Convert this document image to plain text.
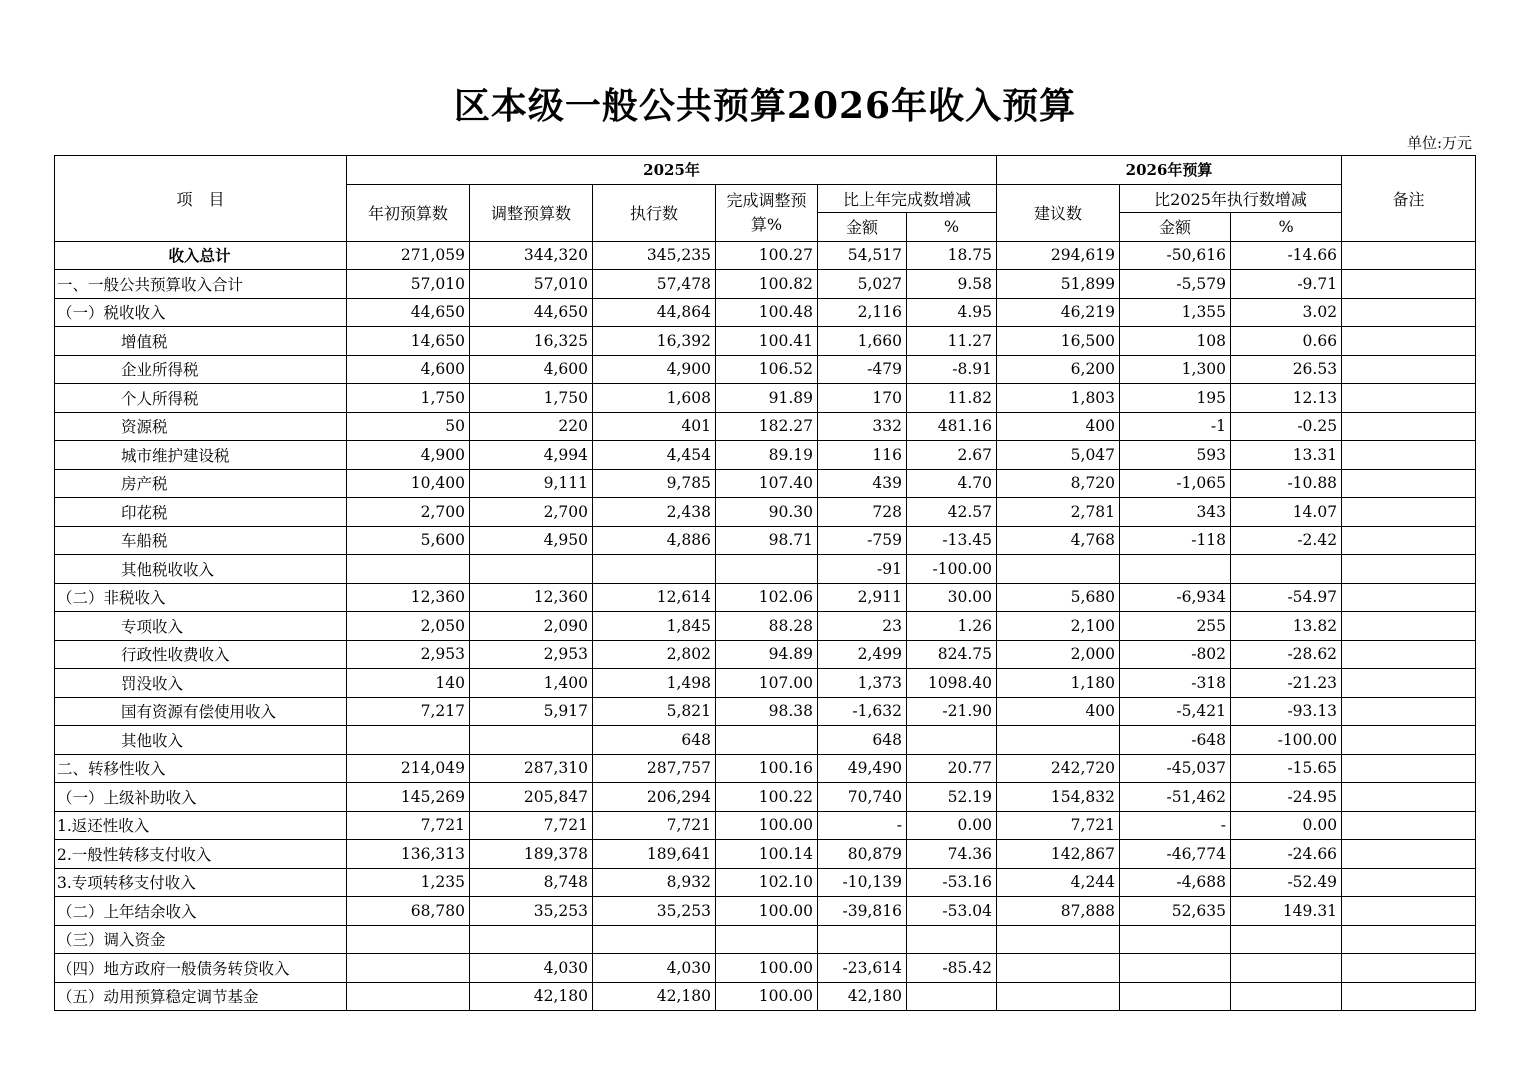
区本级一般公共预算2026年收入预算
单位:万元
项　目	2025年						2026年预算			备注
	年初预算数	调整预算数	执行数	完成调整预算%	比上年完成数增减		建议数	比2025年执行数增减		
					金额	%		金额	%	
收入总计	271,059	344,320	345,235	100.27	54,517	18.75	294,619	-50,616	-14.66	
一、一般公共预算收入合计	57,010	57,010	57,478	100.82	5,027	9.58	51,899	-5,579	-9.71	
（一）税收收入	44,650	44,650	44,864	100.48	2,116	4.95	46,219	1,355	3.02	
增值税	14,650	16,325	16,392	100.41	1,660	11.27	16,500	108	0.66	
企业所得税	4,600	4,600	4,900	106.52	-479	-8.91	6,200	1,300	26.53	
个人所得税	1,750	1,750	1,608	91.89	170	11.82	1,803	195	12.13	
资源税	50	220	401	182.27	332	481.16	400	-1	-0.25	
城市维护建设税	4,900	4,994	4,454	89.19	116	2.67	5,047	593	13.31	
房产税	10,400	9,111	9,785	107.40	439	4.70	8,720	-1,065	-10.88	
印花税	2,700	2,700	2,438	90.30	728	42.57	2,781	343	14.07	
车船税	5,600	4,950	4,886	98.71	-759	-13.45	4,768	-118	-2.42	
其他税收收入					-91	-100.00				
（二）非税收入	12,360	12,360	12,614	102.06	2,911	30.00	5,680	-6,934	-54.97	
专项收入	2,050	2,090	1,845	88.28	23	1.26	2,100	255	13.82	
行政性收费收入	2,953	2,953	2,802	94.89	2,499	824.75	2,000	-802	-28.62	
罚没收入	140	1,400	1,498	107.00	1,373	1098.40	1,180	-318	-21.23	
国有资源有偿使用收入	7,217	5,917	5,821	98.38	-1,632	-21.90	400	-5,421	-93.13	
其他收入			648		648			-648	-100.00	
二、转移性收入	214,049	287,310	287,757	100.16	49,490	20.77	242,720	-45,037	-15.65	
（一）上级补助收入	145,269	205,847	206,294	100.22	70,740	52.19	154,832	-51,462	-24.95	
1.返还性收入	7,721	7,721	7,721	100.00	-	0.00	7,721	-	0.00	
2.一般性转移支付收入	136,313	189,378	189,641	100.14	80,879	74.36	142,867	-46,774	-24.66	
3.专项转移支付收入	1,235	8,748	8,932	102.10	-10,139	-53.16	4,244	-4,688	-52.49	
（二）上年结余收入	68,780	35,253	35,253	100.00	-39,816	-53.04	87,888	52,635	149.31	
（三）调入资金										
（四）地方政府一般债务转贷收入		4,030	4,030	100.00	-23,614	-85.42				
（五）动用预算稳定调节基金		42,180	42,180	100.00	42,180					
